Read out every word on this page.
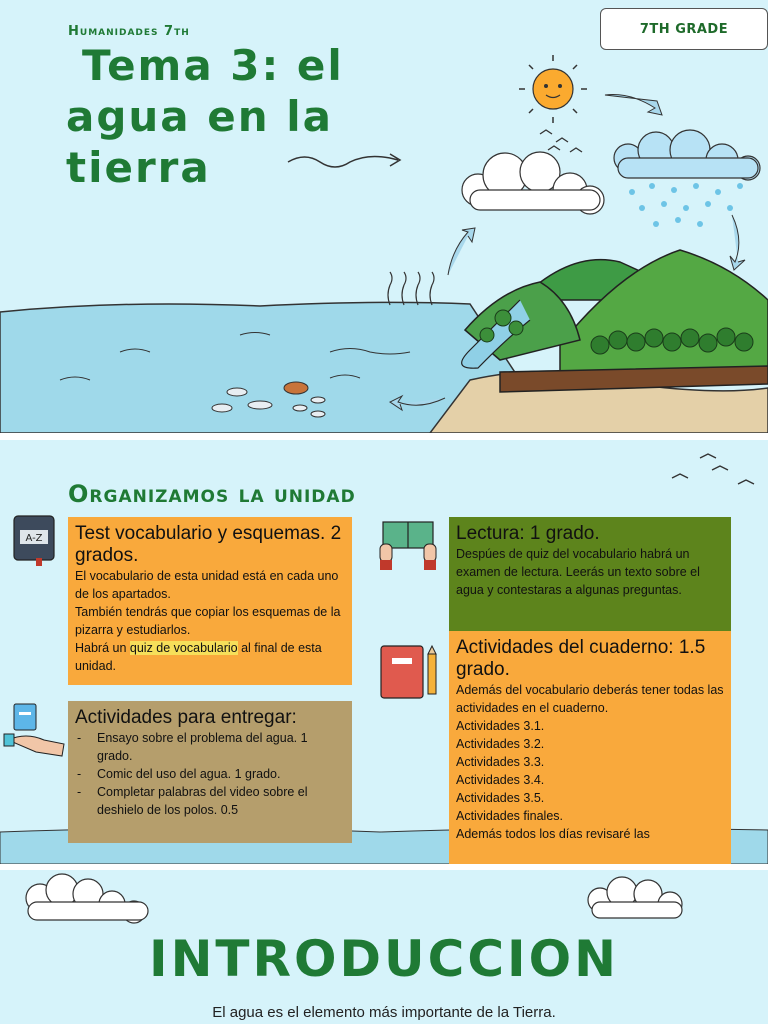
Humanidades 7th	7TH GRADE
Tema 3: el
agua en la
tierra
A-Z
Organizamos la unidad
Test vocabulario y esquemas. 2 grados.

El vocabulario de esta unidad está en cada uno de los apartados.

También tendrás que copiar los esquemas de la pizarra y estudiarlos.

Habrá un quiz de vocabulario al final de esta unidad.

Actividades para entregar:
- Ensayo sobre el problema del agua. 1 grado.
- Comic del uso del agua. 1 grado.
- Completar palabras del video sobre el deshielo de los polos. 0.5
Lectura: 1 grado.

Despúes de quiz del vocabulario habrá un examen de lectura. Leerás un texto sobre el agua y contestaras a algunas preguntas.

Actividades del cuaderno: 1.5 grado.

Además del vocabulario deberás tener todas las actividades en el cuaderno.

Actividades 3.1.

Actividades 3.2.

Actividades 3.3.

Actividades 3.4.

Actividades 3.5.

Actividades finales.

Además todos los días revisaré las

INTRODUCCION

El agua es el elemento más importante de la Tierra.
